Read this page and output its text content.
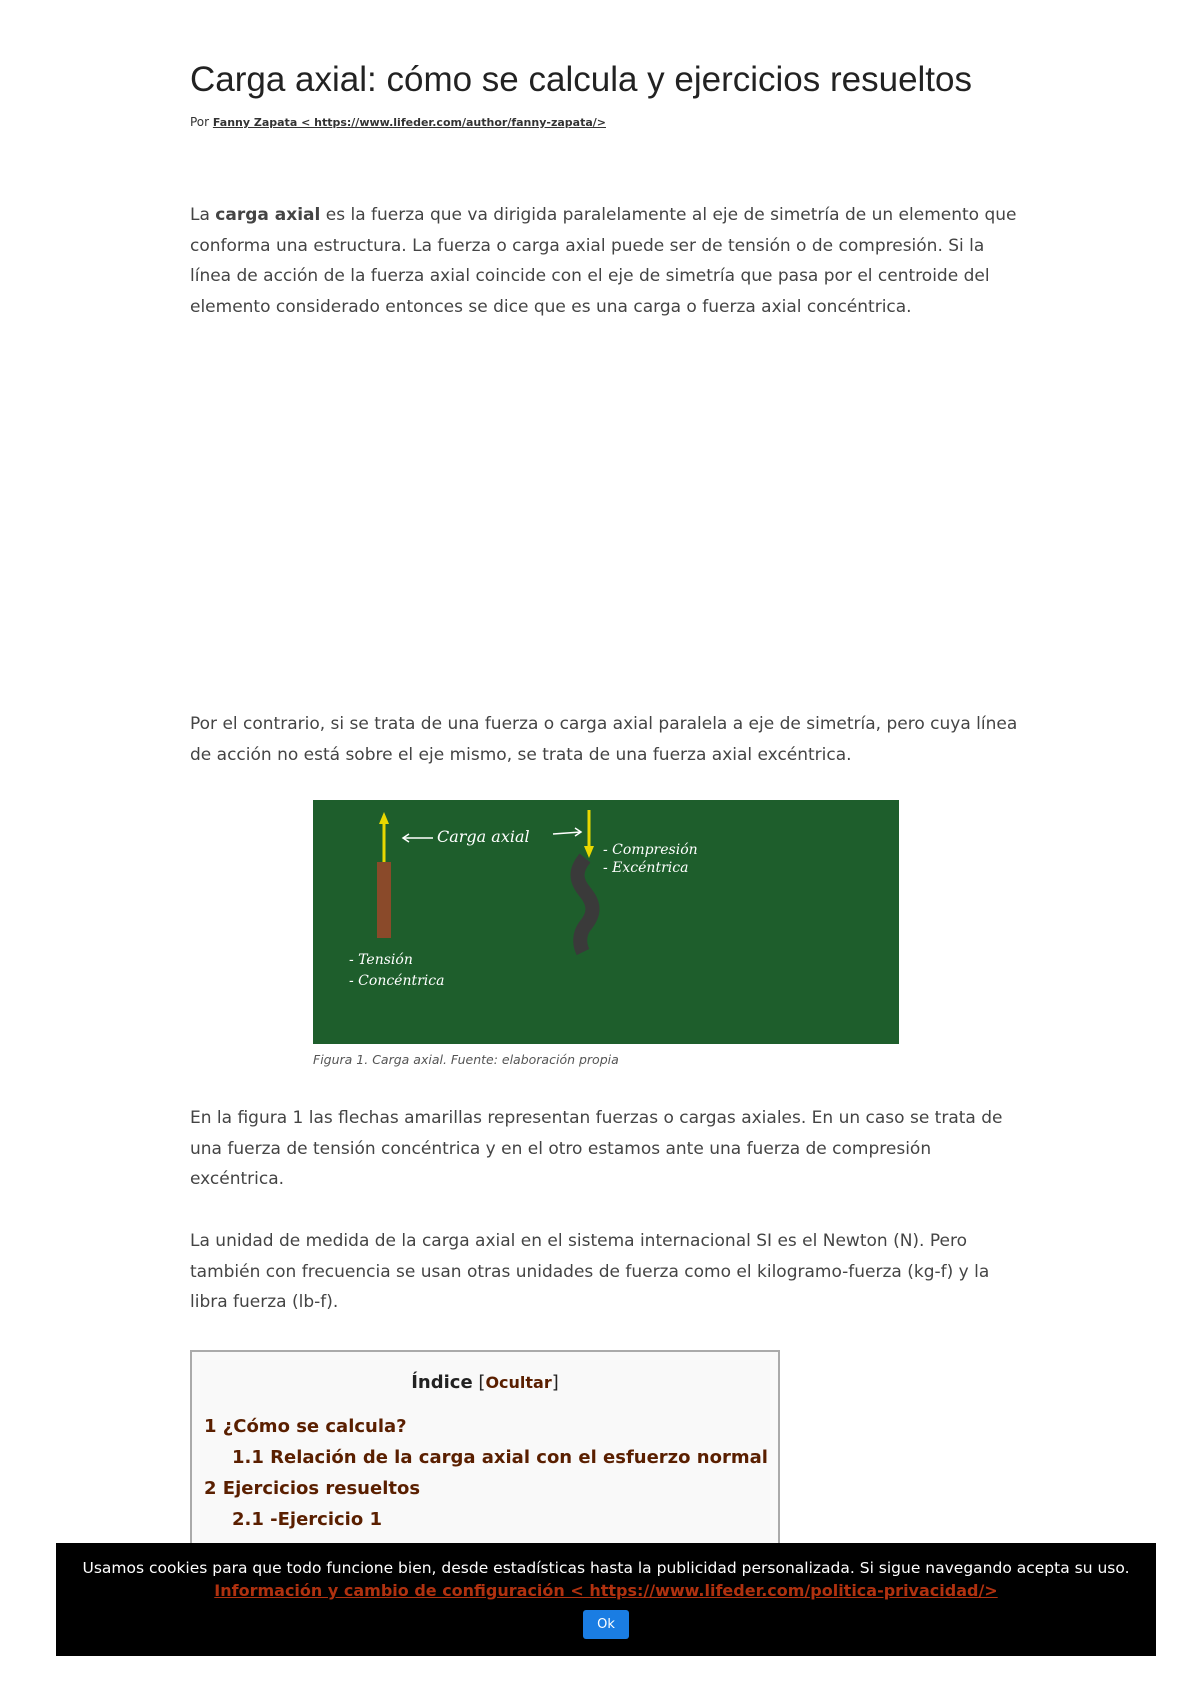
Carga axial: cómo se calcula y ejercicios resueltos

Por Fanny Zapata < https://www.lifeder.com/author/fanny-zapata/>

La carga axial es la fuerza que va dirigida paralelamente al eje de simetría de un elemento que conforma una estructura. La fuerza o carga axial puede ser de tensión o de compresión. Si la línea de acción de la fuerza axial coincide con el eje de simetría que pasa por el centroide del elemento considerado entonces se dice que es una carga o fuerza axial concéntrica.

Por el contrario, si se trata de una fuerza o carga axial paralela a eje de simetría, pero cuya línea de acción no está sobre el eje mismo, se trata de una fuerza axial excéntrica.

Carga axial
- Compresión
- Excéntrica
- Tensión
- Concéntrica
Figura 1. Carga axial. Fuente: elaboración propia

En la figura 1 las flechas amarillas representan fuerzas o cargas axiales. En un caso se trata de una fuerza de tensión concéntrica y en el otro estamos ante una fuerza de compresión excéntrica.

La unidad de medida de la carga axial en el sistema internacional SI es el Newton (N). Pero también con frecuencia se usan otras unidades de fuerza como el kilogramo-fuerza (kg-f) y la libra fuerza (lb-f).

Índice [Ocultar]
1 ¿Cómo se calcula?
1.1 Relación de la carga axial con el esfuerzo normal
2 Ejercicios resueltos
2.1 -Ejercicio 1
Usamos cookies para que todo funcione bien, desde estadísticas hasta la publicidad personalizada. Si sigue navegando acepta su uso.
Información y cambio de configuración < https://www.lifeder.com/politica-privacidad/>
Ok
